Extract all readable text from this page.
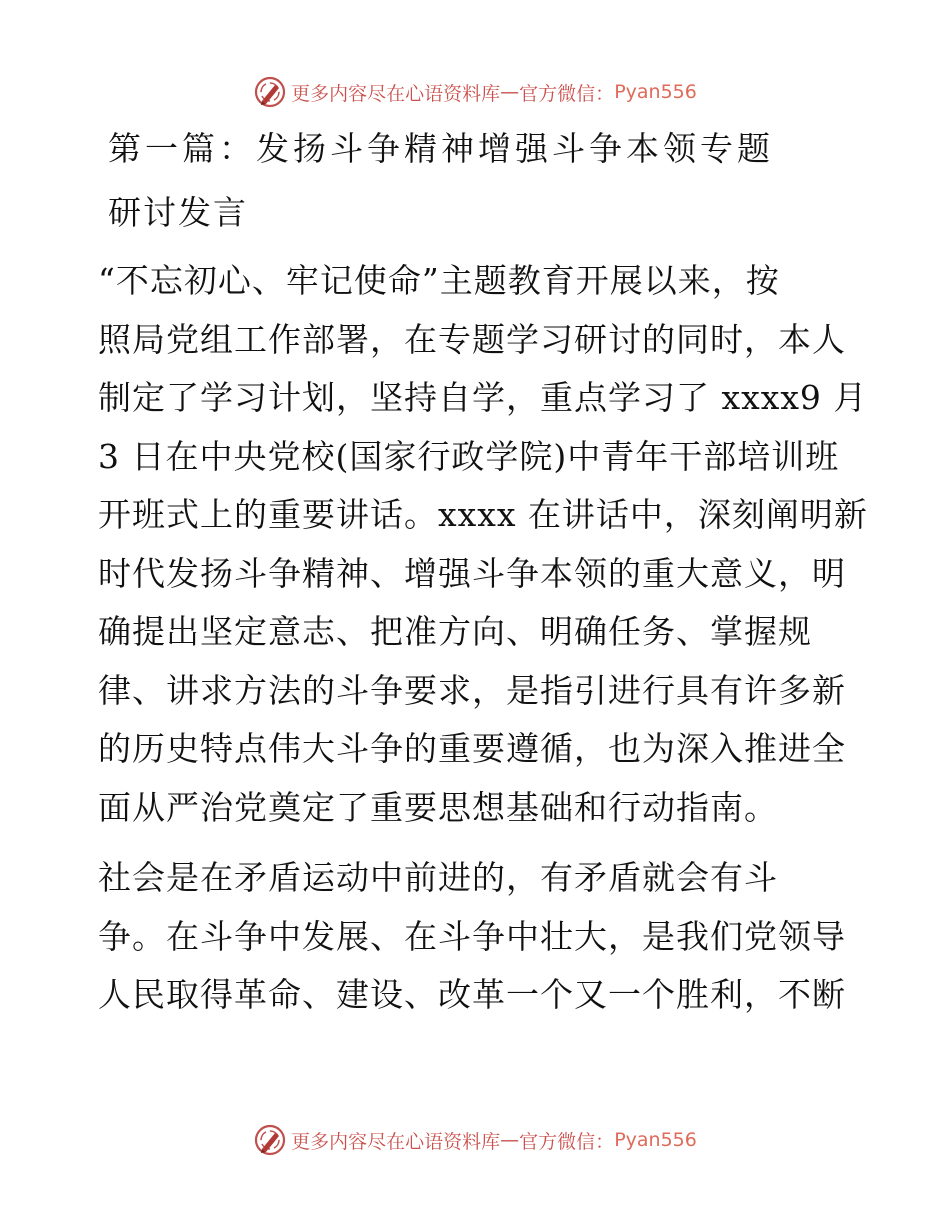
更多内容尽在心语资料库 — 官方微信： Pyan556
第一篇：发扬斗争精神增强斗争本领专题
研讨发言

“不忘初心、牢记使命”主题教育开展以来，按
照局党组工作部署，在专题学习研讨的同时，本人
制定了学习计划，坚持自学，重点学习了 xxxx9 月
3 日在中央党校(国家行政学院)中青年干部培训班
开班式上的重要讲话。xxxx 在讲话中，深刻阐明新
时代发扬斗争精神、增强斗争本领的重大意义，明
确提出坚定意志、把准方向、明确任务、掌握规
律、讲求方法的斗争要求，是指引进行具有许多新
的历史特点伟大斗争的重要遵循，也为深入推进全
面从严治党奠定了重要思想基础和行动指南。

社会是在矛盾运动中前进的，有矛盾就会有斗
争。在斗争中发展、在斗争中壮大，是我们党领导
人民取得革命、建设、改革一个又一个胜利，不断

更多内容尽在心语资料库 — 官方微信： Pyan556
